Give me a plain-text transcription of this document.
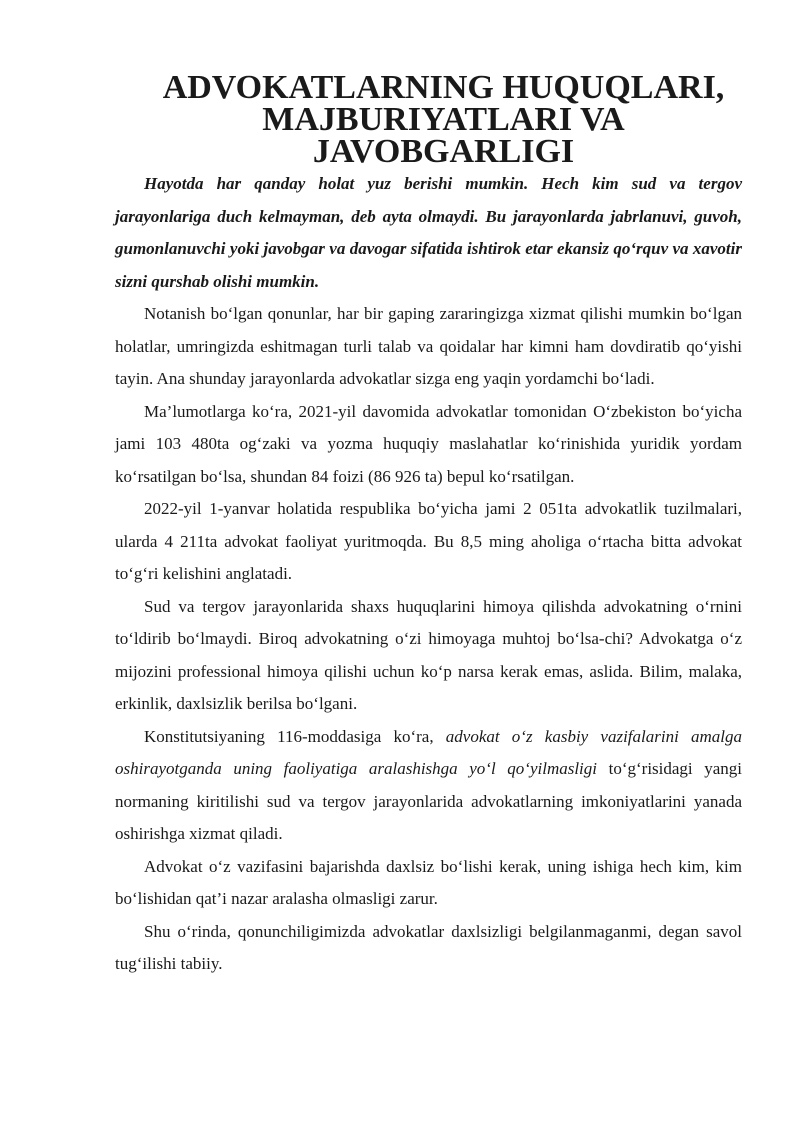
ADVOKATLARNING HUQUQLARI, MAJBURIYATLARI VA
JAVOBGARLIGI

Hayotda har qanday holat yuz berishi mumkin. Hech kim sud va tergov jarayonlariga duch kelmayman, deb ayta olmaydi. Bu jarayonlarda jabrlanuvi, guvoh, gumonlanuvchi yoki javobgar va davogar sifatida ishtirok etar ekansiz qo‘rquv va xavotir sizni qurshab olishi mumkin.

Notanish bo‘lgan qonunlar, har bir gaping zararingizga xizmat qilishi mumkin bo‘lgan holatlar, umringizda eshitmagan turli talab va qoidalar har kimni ham dovdiratib qo‘yishi tayin. Ana shunday jarayonlarda advokatlar sizga eng yaqin yordamchi bo‘ladi.

Ma’lumotlarga ko‘ra, 2021-yil davomida advokatlar tomonidan O‘zbekiston bo‘yicha jami 103 480ta og‘zaki va yozma huquqiy maslahatlar ko‘rinishida yuridik yordam ko‘rsatilgan bo‘lsa, shundan 84 foizi (86 926 ta) bepul ko‘rsatilgan.

2022-yil 1-yanvar holatida respublika bo‘yicha jami 2 051ta advokatlik tuzilmalari, ularda 4 211ta advokat faoliyat yuritmoqda. Bu 8,5 ming aholiga o‘rtacha bitta advokat to‘g‘ri kelishini anglatadi.

Sud va tergov jarayonlarida shaxs huquqlarini himoya qilishda advokatning o‘rnini to‘ldirib bo‘lmaydi. Biroq advokatning o‘zi himoyaga muhtoj bo‘lsa-chi? Advokatga o‘z mijozini professional himoya qilishi uchun ko‘p narsa kerak emas, aslida. Bilim, malaka, erkinlik, daxlsizlik berilsa bo‘lgani.

Konstitutsiyaning 116-moddasiga ko‘ra, advokat o‘z kasbiy vazifalarini amalga oshirayotganda uning faoliyatiga aralashishga yo‘l qo‘yilmasligi to‘g‘risidagi yangi normaning kiritilishi sud va tergov jarayonlarida advokatlarning imkoniyatlarini yanada oshirishga xizmat qiladi.

Advokat o‘z vazifasini bajarishda daxlsiz bo‘lishi kerak, uning ishiga hech kim, kim bo‘lishidan qat’i nazar aralasha olmasligi zarur.

Shu o‘rinda, qonunchiligimizda advokatlar daxlsizligi belgilanmaganmi, degan savol tug‘ilishi tabiiy.
